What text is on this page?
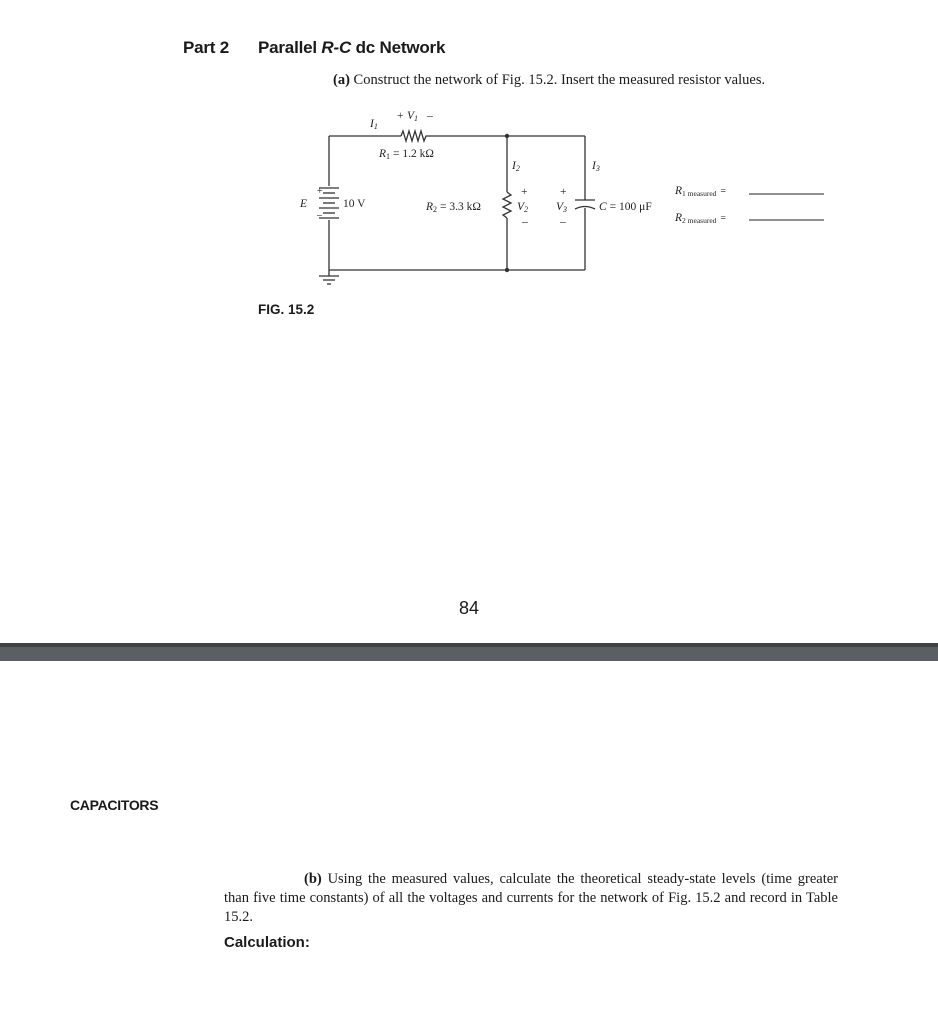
Part 2 Parallel R-C dc Network
(a) Construct the network of Fig. 15.2. Insert the measured resistor values.
I1
+ V1 –
R1 = 1.2 kΩ
I2	I3
+
E
–
10 V	R2 = 3.3 kΩ
+
V2
–
+
V3
–
C = 100 μF
R1 measured =
R2 measured =
FIG. 15.2
84
CAPACITORS
(b) Using the measured values, calculate the theoretical steady-state levels (time greater than five time constants) of all the voltages and currents for the network of Fig. 15.2 and record in Table 15.2.
Calculation:
